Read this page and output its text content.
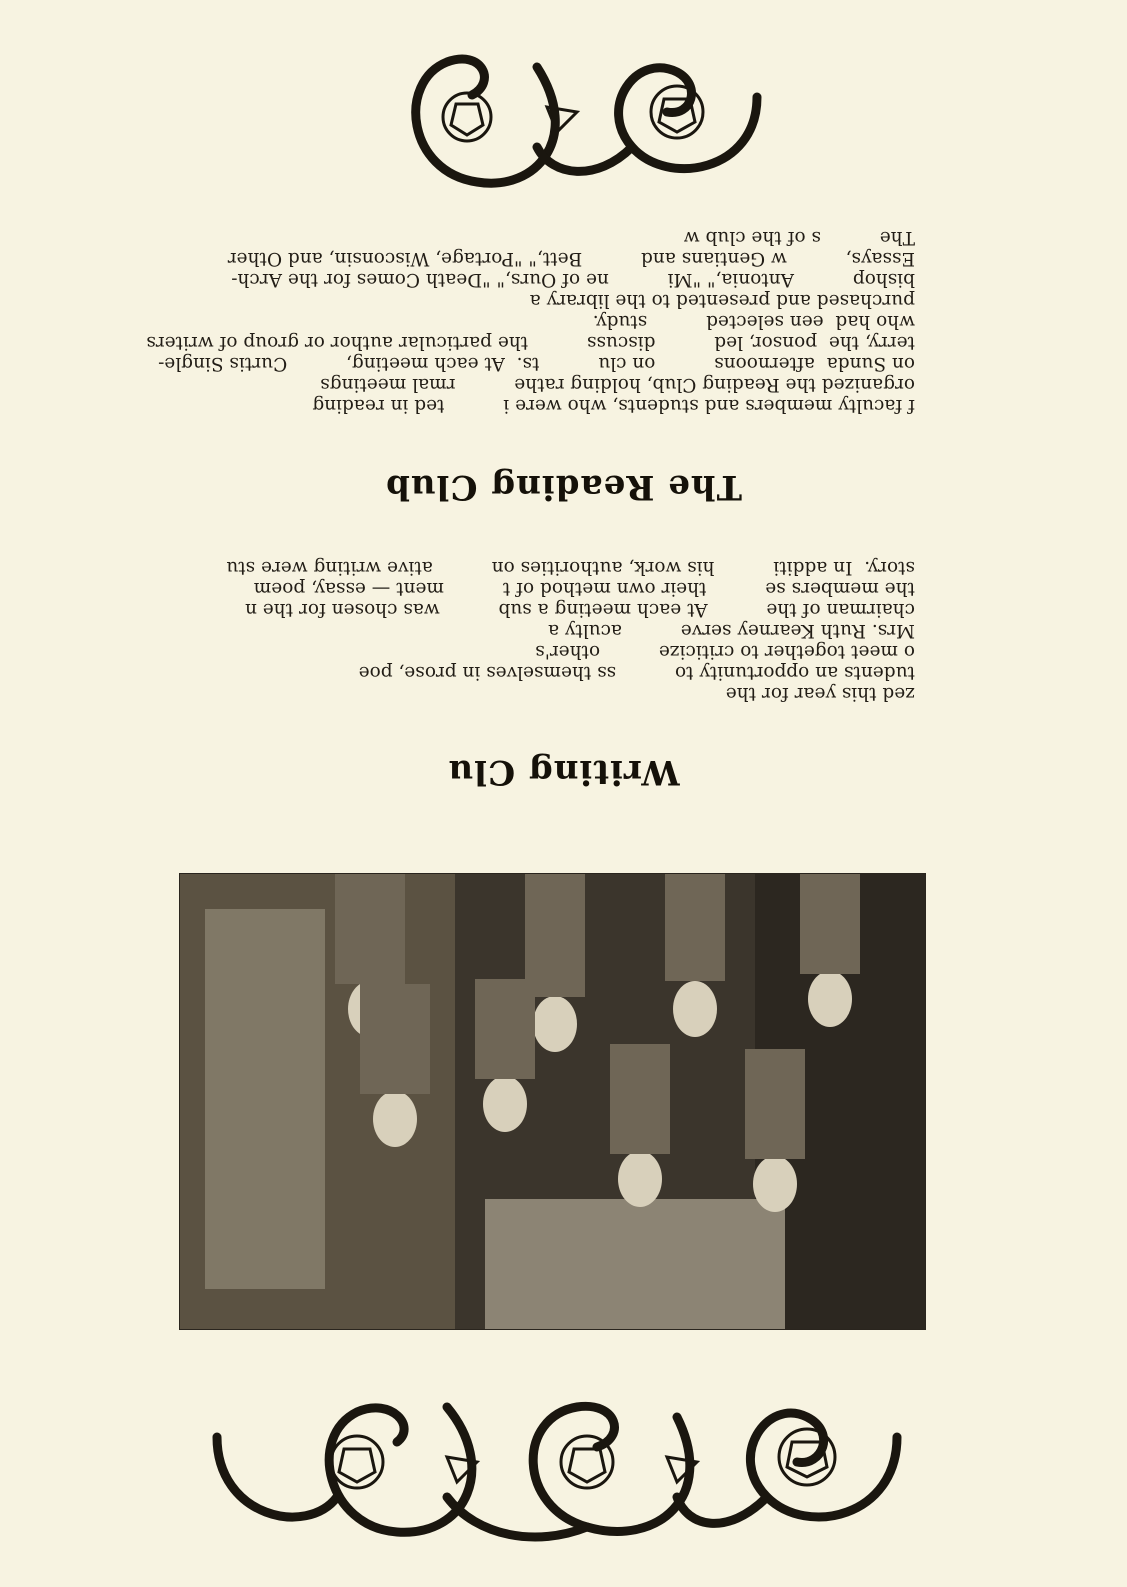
Writing Clu

zed this year for the
tudents an opportunity to          ss themselves in prose, poe
o meet together to criticize          other's
Mrs. Ruth Kearney serve          aculty a
chairman of the          At each meeting a sub          was chosen for the n
the members se          their own method of t          ment — essay, poem
story.  In additi          his work, authorities on          ative writing were stu
The Reading Club

f faculty members and students, who were i          ted in reading
organized the Reading Club, holding rathe          rmal meetings
on Sunda  afternoons          on clu          ts.  At each meeting,          Curtis Single-
terry, the  ponsor, led          discuss          the particular author or group of writers
who had  een selected          study.
purchased and presented to the library a
bishop          Antonia," "Mi          ne of Ours," "Death Comes for the Arch-
Essays,          w Gentians and          Bett," "Portage, Wisconsin, and Other
The          s of the club w
